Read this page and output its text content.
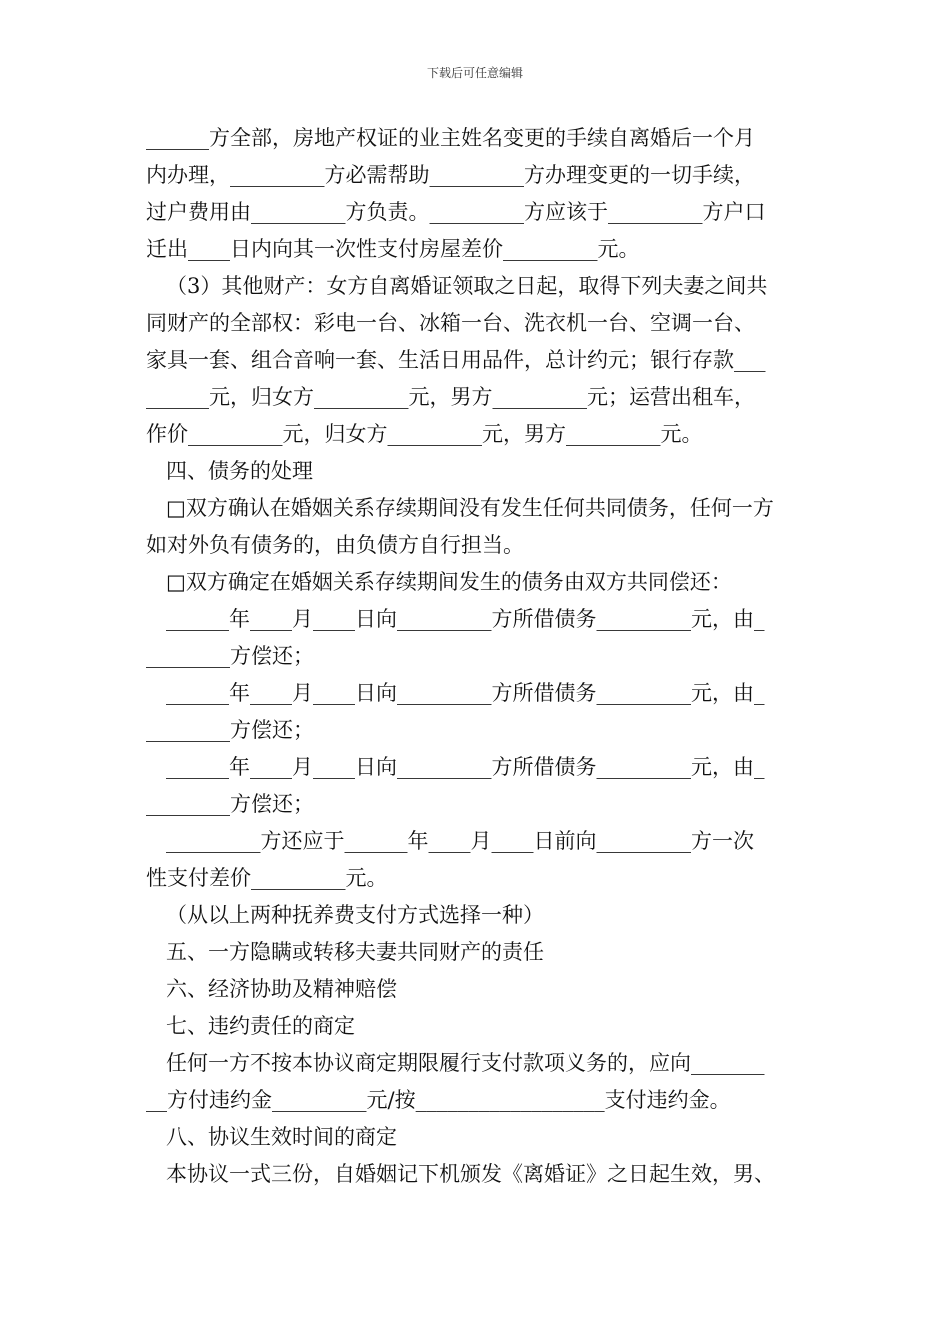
下载后可任意编辑
______方全部，房地产权证的业主姓名变更的手续自离婚后一个月
内办理，_________方必需帮助_________方办理变更的一切手续，
过户费用由_________方负责。_________方应该于_________方户口
迁出____日内向其一次性支付房屋差价_________元。
（3）其他财产：女方自离婚证领取之日起，取得下列夫妻之间共
同财产的全部权：彩电一台、冰箱一台、洗衣机一台、空调一台、
家具一套、组合音响一套、生活日用品件，总计约元；银行存款___
______元，归女方_________元，男方_________元；运营出租车，
作价_________元，归女方_________元，男方_________元。
四、债务的处理
□双方确认在婚姻关系存续期间没有发生任何共同债务，任何一方
如对外负有债务的，由负债方自行担当。
□双方确定在婚姻关系存续期间发生的债务由双方共同偿还：
______年____月____日向_________方所借债务_________元，由_
________方偿还；
______年____月____日向_________方所借债务_________元，由_
________方偿还；
______年____月____日向_________方所借债务_________元，由_
________方偿还；
_________方还应于______年____月____日前向_________方一次
性支付差价_________元。
（从以上两种抚养费支付方式选择一种）
五、一方隐瞒或转移夫妻共同财产的责任
六、经济协助及精神赔偿
七、违约责任的商定
任何一方不按本协议商定期限履行支付款项义务的，应向_______
__方付违约金_________元/按__________________支付违约金。
八、协议生效时间的商定
本协议一式三份，自婚姻记下机颁发《离婚证》之日起生效，男、
